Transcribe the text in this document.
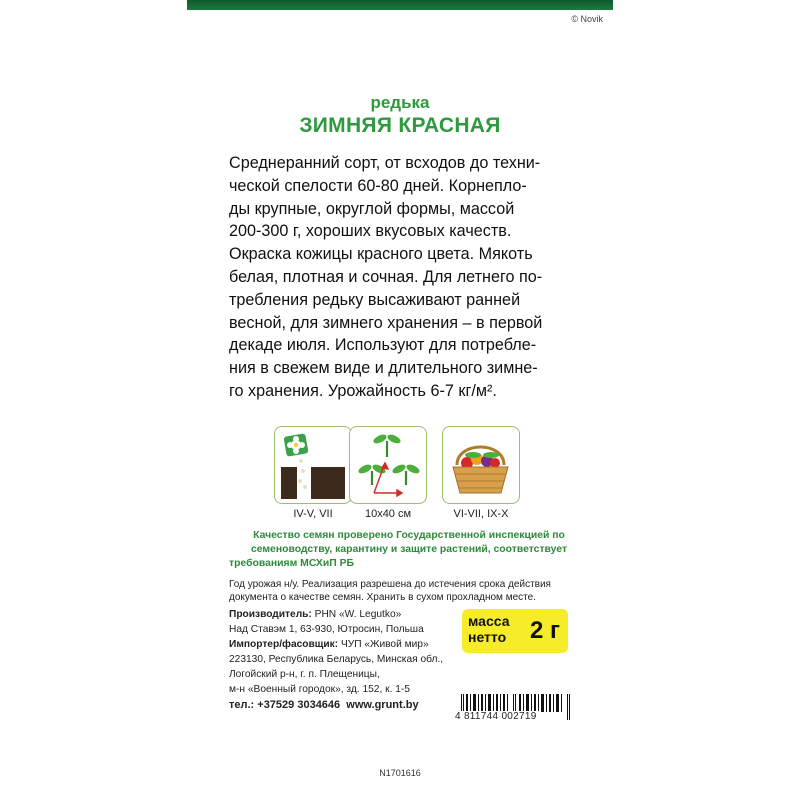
© Novik
редька
ЗИМНЯЯ КРАСНАЯ
Среднеранний сорт, от всходов до техни-
ческой спелости 60-80 дней. Корнепло-
ды крупные, округлой формы, массой
200-300 г, хороших вкусовых качеств.
Окраска кожицы красного цвета. Мякоть
белая, плотная и сочная. Для летнего по-
требления редьку высаживают ранней
весной, для зимнего хранения – в первой
декаде июля. Используют для потребле-
ния в свежем виде и длительного зимне-
го хранения. Урожайность 6-7 кг/м².
IV-V, VII	10x40 см	VI-VII, IX-X
Качество семян проверено Государственной инспекцией по
семеноводству, карантину и защите растений, соответствует
требованиям МСХиП РБ
Год урожая н/у. Реализация разрешена до истечения срока действия
документа о качестве семян. Хранить в сухом прохладном месте.
Производитель: PHN «W. Legutko»
Над Ставэм 1, 63-930, Ютросин, Польша
Импортер/фасовщик: ЧУП «Живой мир»
223130, Республика Беларусь, Минская обл.,
Логойский р-н, г. п. Плещеницы,
м-н «Военный городок», зд. 152, к. 1-5
масса
нетто 2 г
тел.: +37529 3034646  www.grunt.by
4 811744 002719
N1701616
